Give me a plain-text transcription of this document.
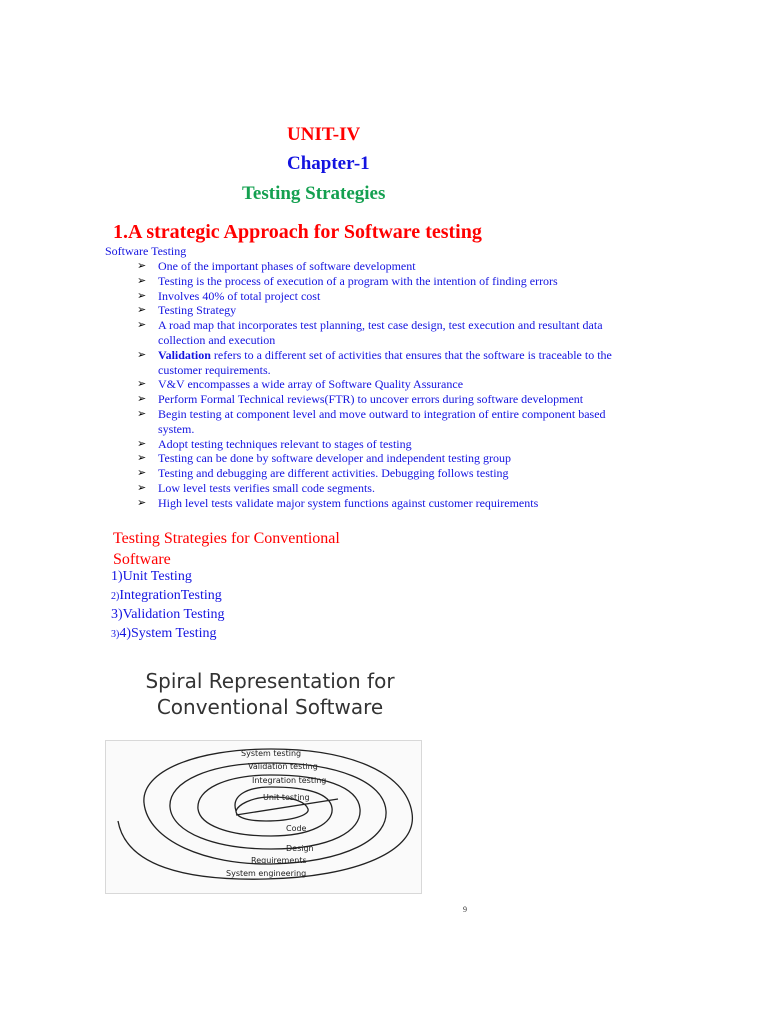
UNIT-IV
Chapter-1
Testing Strategies
1.A strategic Approach for Software testing
Software Testing
➢ One of the important phases of software development
➢ Testing is the process of execution of a program with the intention of finding errors
➢ Involves 40% of total project cost
➢ Testing Strategy
➢ A road map that incorporates test planning, test case design, test execution and resultant data collection and execution
➢ Validation refers to a different set of activities that ensures that the software is traceable to the customer requirements.
➢ V&V encompasses a wide array of Software Quality Assurance
➢ Perform Formal Technical reviews(FTR) to uncover errors during software development
➢ Begin testing at component level and move outward to integration of entire component based system.
➢ Adopt testing techniques relevant to stages of testing
➢ Testing can be done by software developer and independent testing group
➢ Testing and debugging are different activities. Debugging follows testing
➢ Low level tests verifies small code segments.
➢ High level tests validate major system functions against customer requirements
Testing Strategies for Conventional Software
1)Unit Testing
2)IntegrationTesting
3)Validation Testing
3)4)System Testing
Spiral Representation for
Conventional Software
System testing
Validation testing
Integration testing
Unit testing
Code
Design
Requirements
System engineering
9
